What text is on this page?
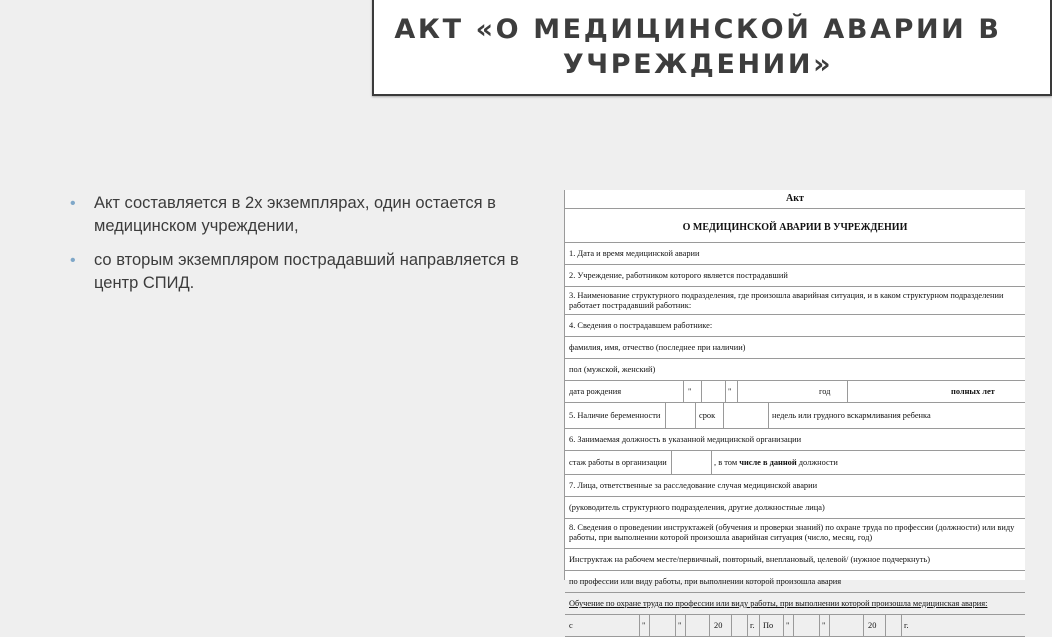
АКТ «О МЕДИЦИНСКОЙ АВАРИИ В
УЧРЕЖДЕНИИ»
• Акт составляется в 2х экземплярах, один остается в медицинском учреждении,
• со вторым экземпляром пострадавший направляется в центр СПИД.
Акт
О МЕДИЦИНСКОЙ АВАРИИ В УЧРЕЖДЕНИИ
1. Дата и время медицинской аварии
2. Учреждение, работником которого является пострадавший
3. Наименование структурного подразделения, где произошла аварийная ситуация, и в каком структурном подразделении работает пострадавший работник:
4. Сведения о пострадавшем работнике:
фамилия, имя, отчество (последнее при наличии)
пол (мужской, женский)
дата рождения	"	"	год	полных лет
5. Наличие беременности	срок	недель или грудного вскармливания ребенка
6. Занимаемая должность в указанной медицинской организации
стаж работы в организации	, в том числе в данной должности
7. Лица, ответственные за расследование случая медицинской аварии
(руководитель структурного подразделения, другие должностные лица)
8. Сведения о проведении инструктажей (обучения и проверки знаний) по охране труда по профессии (должности) или виду работы, при выполнении которой произошла аварийная ситуация (число, месяц, год)
Инструктаж на рабочем месте/первичный, повторный, внеплановый, целевой/ (нужное подчеркнуть)
по профессии или виду работы, при выполнении которой произошла авария
Обучение по охране труда по профессии или виду работы, при выполнении которой произошла медицинская авария:
с	"	"	20	г.	По	"	"	20	г.
